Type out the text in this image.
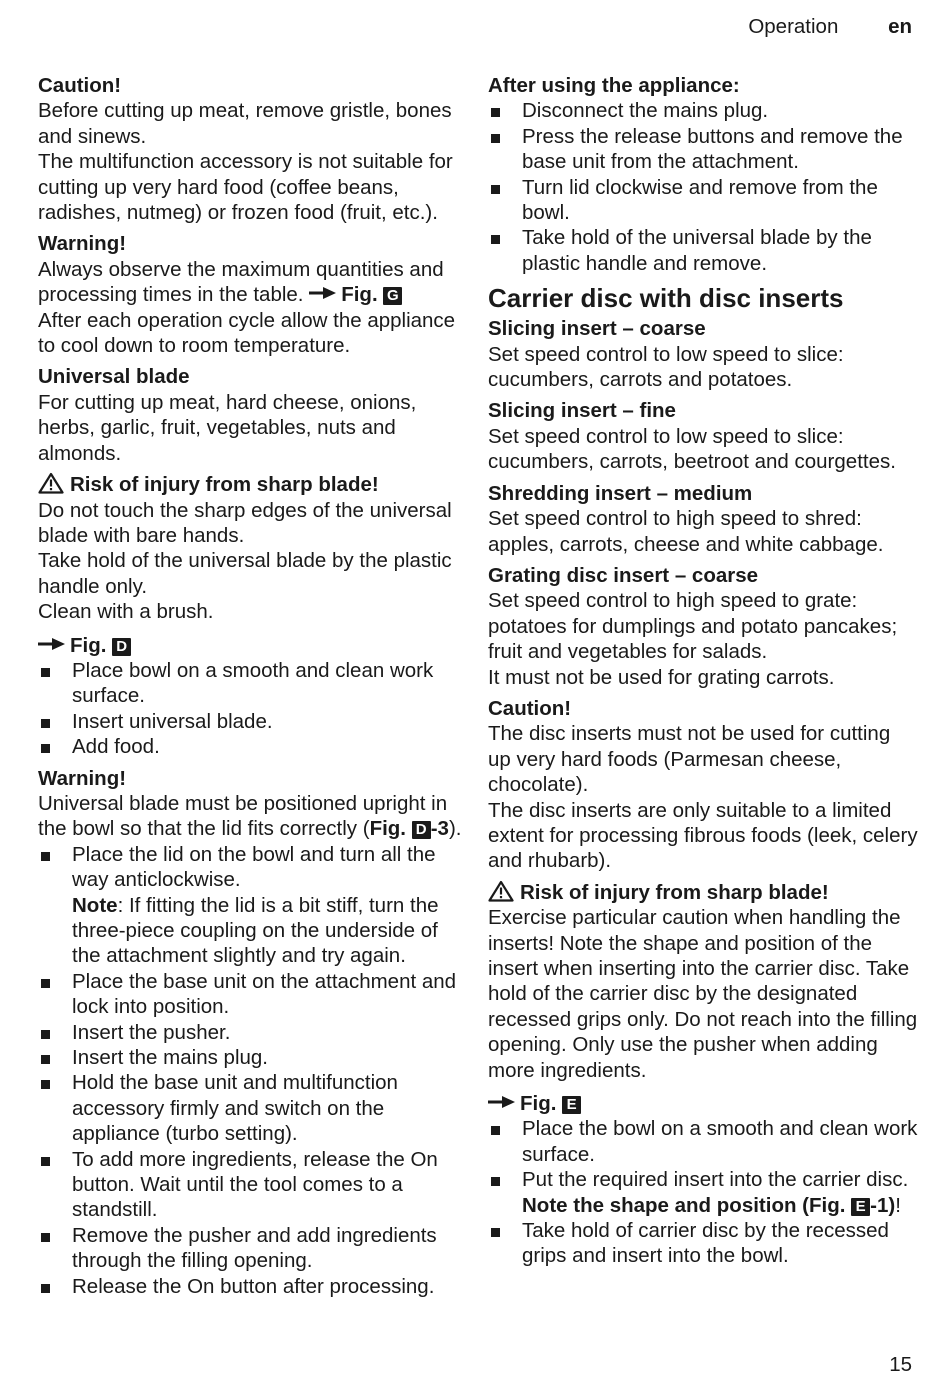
Operation en

Caution!

Before cutting up meat, remove gristle, bones and sinews.

The multifunction accessory is not suitable for cutting up very hard food (coffee beans, radishes, nutmeg) or frozen food (fruit, etc.).

Warning!

Always observe the maximum quantities and processing times in the table. Fig. G

After each operation cycle allow the appliance to cool down to room temperature.

Universal blade

For cutting up meat, hard cheese, onions, herbs, garlic, fruit, vegetables, nuts and almonds.

Risk of injury from sharp blade!

Do not touch the sharp edges of the universal blade with bare hands.

Take hold of the universal blade by the plastic handle only.

Clean with a brush.

Fig. D

Place bowl on a smooth and clean work surface.
Insert universal blade.
Add food.

Warning!

Universal blade must be positioned upright in the bowl so that the lid fits correctly (Fig. D -3).

Place the lid on the bowl and turn all the way anticlockwise.
Note: If fitting the lid is a bit stiff, turn the three-piece coupling on the underside of the attachment slightly and try again.
Place the base unit on the attachment and lock into position.
Insert the pusher.
Insert the mains plug.
Hold the base unit and multifunction accessory firmly and switch on the appliance (turbo setting).
To add more ingredients, release the On button. Wait until the tool comes to a standstill.
Remove the pusher and add ingredients through the filling opening.
Release the On button after processing.

After using the appliance:

Disconnect the mains plug.
Press the release buttons and remove the base unit from the attachment.
Turn lid clockwise and remove from the bowl.
Take hold of the universal blade by the plastic handle and remove.
Carrier disc with disc inserts

Slicing insert – coarse

Set speed control to low speed to slice: cucumbers, carrots and potatoes.

Slicing insert – fine

Set speed control to low speed to slice: cucumbers, carrots, beetroot and courgettes.

Shredding insert – medium

Set speed control to high speed to shred: apples, carrots, cheese and white cabbage.

Grating disc insert – coarse

Set speed control to high speed to grate: potatoes for dumplings and potato pancakes; fruit and vegetables for salads.

It must not be used for grating carrots.

Caution!

The disc inserts must not be used for cutting up very hard foods (Parmesan cheese, chocolate).

The disc inserts are only suitable to a limited extent for processing fibrous foods (leek, celery and rhubarb).

Risk of injury from sharp blade!

Exercise particular caution when handling the inserts! Note the shape and position of the insert when inserting into the carrier disc. Take hold of the carrier disc by the designated recessed grips only. Do not reach into the filling opening. Only use the pusher when adding more ingredients.

Fig. E

Place the bowl on a smooth and clean work surface.
Put the required insert into the carrier disc. Note the shape and position (Fig. E -1)!
Take hold of carrier disc by the recessed grips and insert into the bowl.
15
